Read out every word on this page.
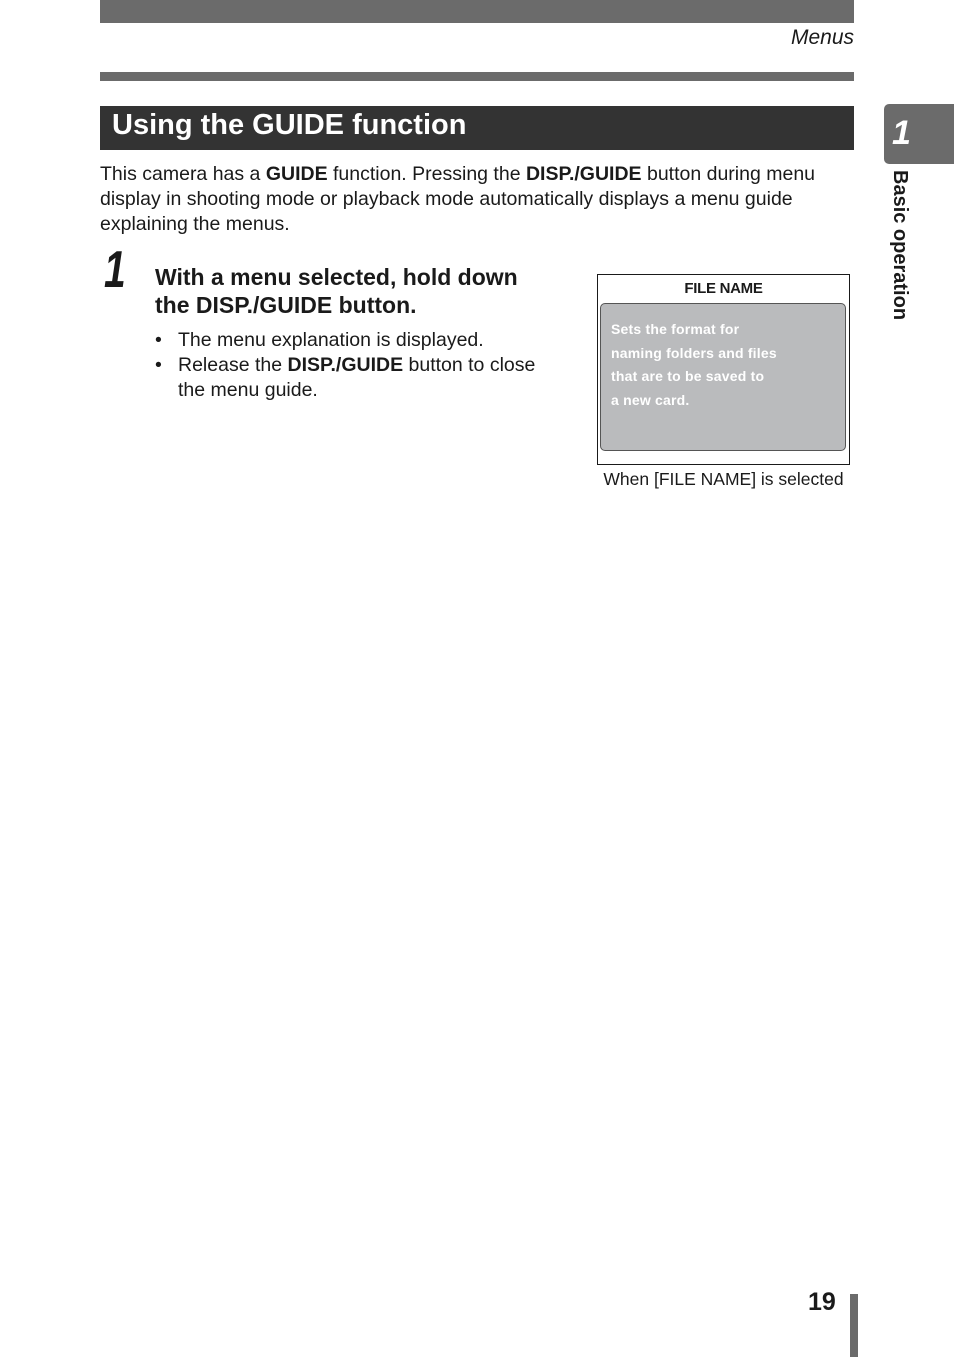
Menus
Using the GUIDE function

This camera has a GUIDE function. Pressing the DISP./GUIDE button during menu display in shooting mode or playback mode automatically displays a menu guide explaining the menus.

1 With a menu selected, hold down the DISP./GUIDE button.
• The menu explanation is displayed.
• Release the DISP./GUIDE button to close the menu guide.
FILE NAME
Sets the format for
naming folders and files
that are to be saved to
a new card.
When [FILE NAME] is selected
1
Basic operation
19
